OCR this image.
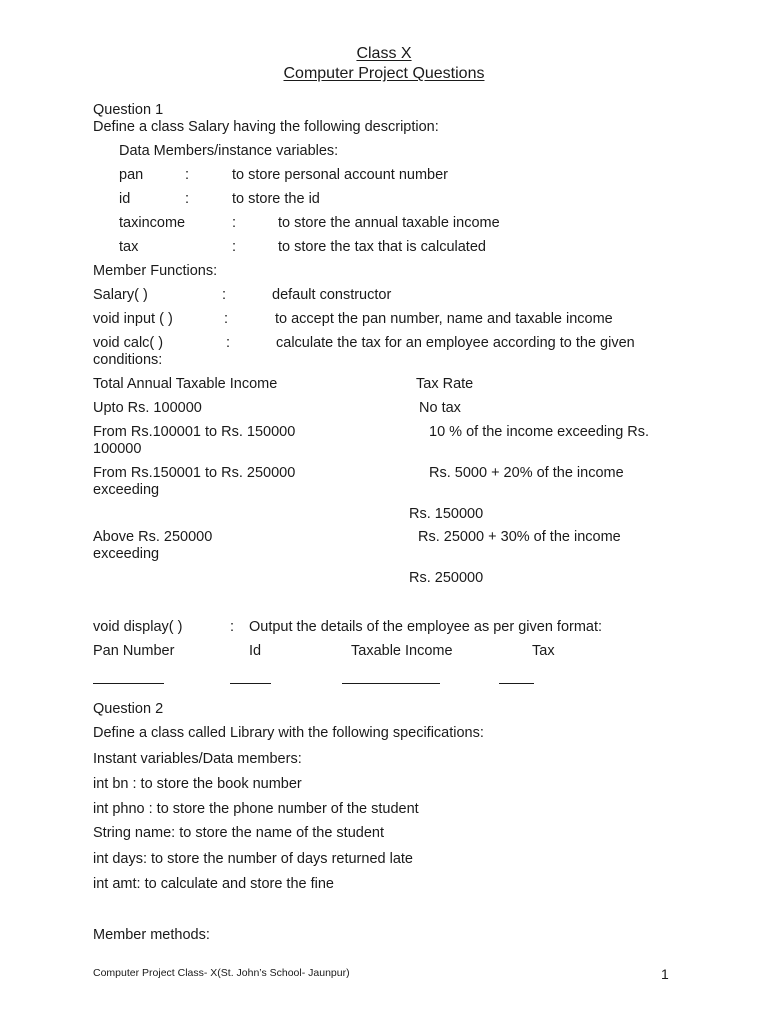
Class X
Computer Project Questions
Question 1
Define a class Salary having the following description:
Data Members/instance variables:
pan	:	to store personal account number
id	:	to store the id
taxincome	:	to store the annual taxable income
tax	:	to store the tax that is calculated
Member Functions:
Salary( )	:	default constructor
void input ( )	:	to accept the pan number, name and taxable income
void calc( )	:	calculate the tax for an employee according to the given
conditions:
Total Annual Taxable Income	Tax Rate
Upto Rs. 100000	No tax
From Rs.100001 to Rs. 150000	10 % of the income exceeding Rs.
100000
From Rs.150001 to Rs. 250000	Rs. 5000 + 20% of the income
exceeding
Rs. 150000
Above Rs. 250000	Rs. 25000 + 30% of the income
exceeding
Rs. 250000
void display( )	: Output the details of the employee as per given format:
Pan Number	Id	Taxable Income	Tax
Question 2
Define a class called Library with the following specifications:
Instant variables/Data members:
int bn : to store the book number
int phno : to store the phone number of the student
String name: to store the name of the student
int days: to store the number of days returned late
int amt: to calculate and store the fine
Member methods:
Computer Project Class- X(St. John’s School- Jaunpur)	1
